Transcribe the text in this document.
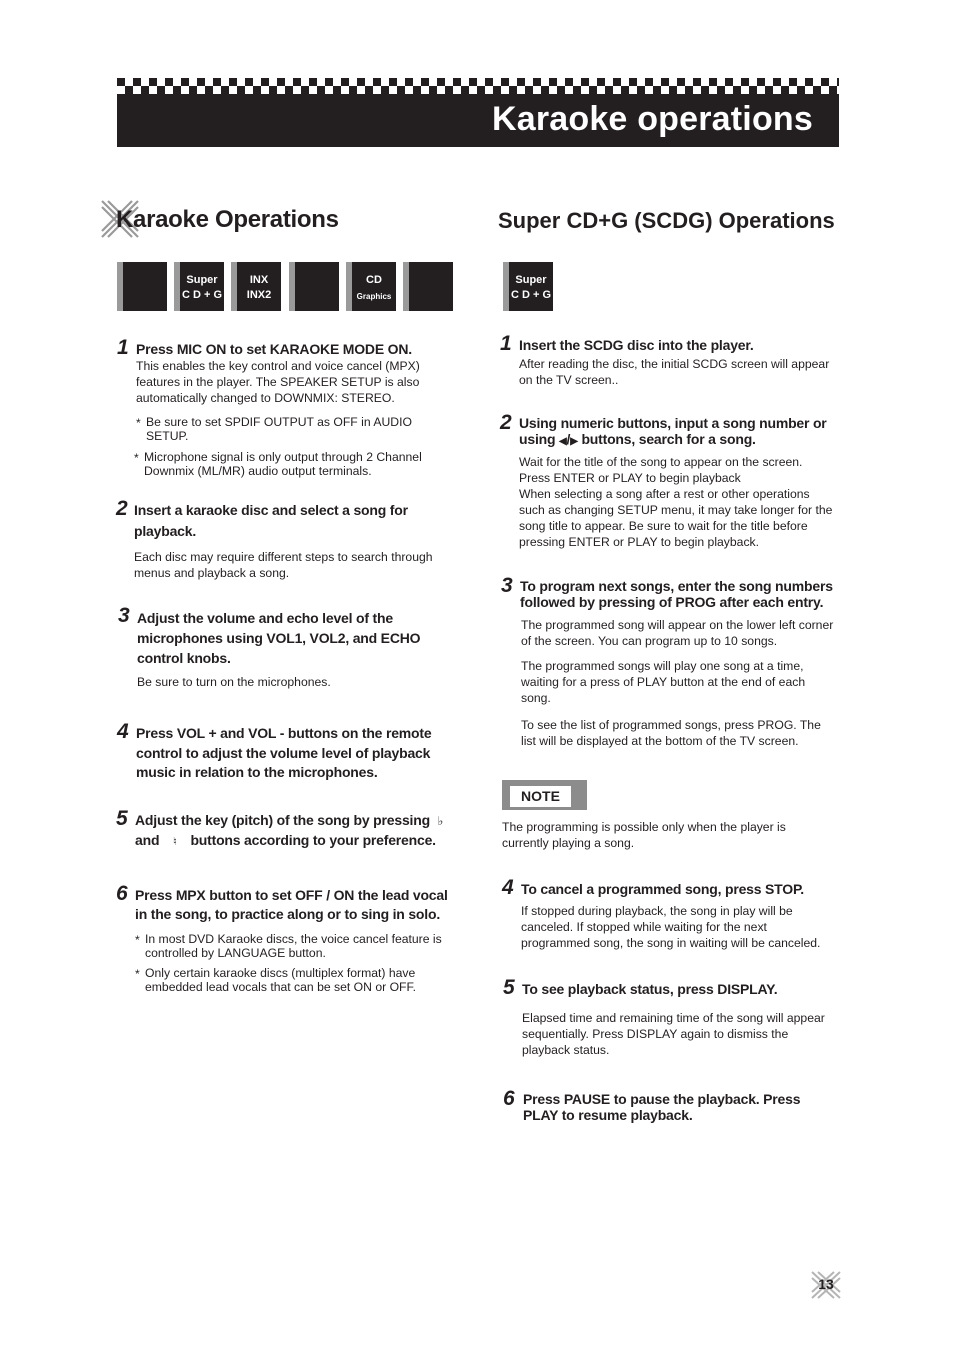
Karaoke operations
Karaoke Operations
Super
C D + G
INX
INX2
CD
Graphics
1 Press MIC ON to set KARAOKE MODE ON.
This enables the key control and voice cancel (MPX)
features in the player. The SPEAKER SETUP is also
automatically changed to DOWNMIX: STEREO.
* Be sure to set SPDIF OUTPUT as OFF in AUDIO
SETUP.
* Microphone signal is only output through 2 Channel
Downmix (ML/MR) audio output terminals.
2 Insert a karaoke disc and select a song for
playback.
Each disc may require different steps to search through
menus and playback a song.
3 Adjust the volume and echo level of the
microphones using VOL1, VOL2, and ECHO
control knobs.
Be sure to turn on the microphones.
4 Press VOL + and VOL - buttons on the remote
control to adjust the volume level of playback
music in relation to the microphones.
5 Adjust the key (pitch) of the song by pressing ♭
and ♮ buttons according to your preference.
6 Press MPX button to set OFF / ON the lead vocal
in the song, to practice along or to sing in solo.
* In most DVD Karaoke discs, the voice cancel feature is
controlled by LANGUAGE button.
* Only certain karaoke discs (multiplex format) have
embedded lead vocals that can be set ON or OFF.
Super CD+G (SCDG) Operations
Super
C D + G
1 Insert the SCDG disc into the player.
After reading the disc, the initial SCDG screen will appear
on the TV screen..
2 Using numeric buttons, input a song number or
using ◀/▶ buttons, search for a song.
Wait for the title of the song to appear on the screen.
Press ENTER or PLAY to begin playback
When selecting a song after a rest or other operations
such as changing SETUP menu, it may take longer for the
song title to appear. Be sure to wait for the title before
pressing ENTER or PLAY to begin playback.
3 To program next songs, enter the song numbers
followed by pressing of PROG after each entry.
The programmed song will appear on the lower left corner
of the screen. You can program up to 10 songs.
The programmed songs will play one song at a time,
waiting for a press of PLAY button at the end of each
song.
To see the list of programmed songs, press PROG. The
list will be displayed at the bottom of the TV screen.
NOTE
The programming is possible only when the player is
currently playing a song.
4 To cancel a programmed song, press STOP.
If stopped during playback, the song in play will be
canceled. If stopped while waiting for the next
programmed song, the song in waiting will be canceled.
5 To see playback status, press DISPLAY.
Elapsed time and remaining time of the song will appear
sequentially. Press DISPLAY again to dismiss the
playback status.
6 Press PAUSE to pause the playback. Press
PLAY to resume playback.
13
